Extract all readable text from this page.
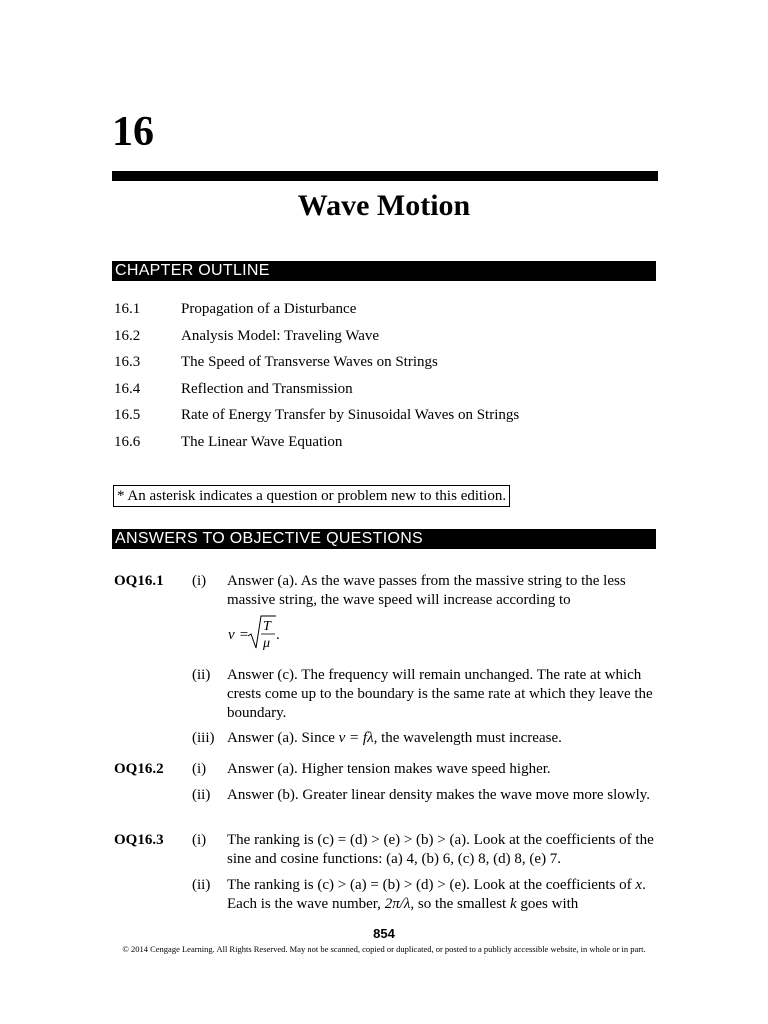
16
Wave Motion
CHAPTER OUTLINE
16.1	Propagation of a Disturbance
16.2	Analysis Model: Traveling Wave
16.3	The Speed of Transverse Waves on Strings
16.4	Reflection and Transmission
16.5	Rate of Energy Transfer by Sinusoidal Waves on Strings
16.6	The Linear Wave Equation
* An asterisk indicates a question or problem new to this edition.
ANSWERS TO OBJECTIVE QUESTIONS
OQ16.1 (i) Answer (a). As the wave passes from the massive string to the less massive string, the wave speed will increase according to
v =
T
μ
.
(ii) Answer (c). The frequency will remain unchanged. The rate at which crests come up to the boundary is the same rate at which they leave the boundary.
(iii) Answer (a). Since v = fλ, the wavelength must increase.
OQ16.2 (i) Answer (a). Higher tension makes wave speed higher.
(ii) Answer (b). Greater linear density makes the wave move more slowly.
OQ16.3 (i) The ranking is (c) = (d) > (e) > (b) > (a). Look at the coefficients of the sine and cosine functions: (a) 4, (b) 6, (c) 8, (d) 8, (e) 7.
(ii) The ranking is (c) > (a) = (b) > (d) > (e). Look at the coefficients of x. Each is the wave number, 2π/λ, so the smallest k goes with
854
© 2014 Cengage Learning. All Rights Reserved. May not be scanned, copied or duplicated, or posted to a publicly accessible website, in whole or in part.
